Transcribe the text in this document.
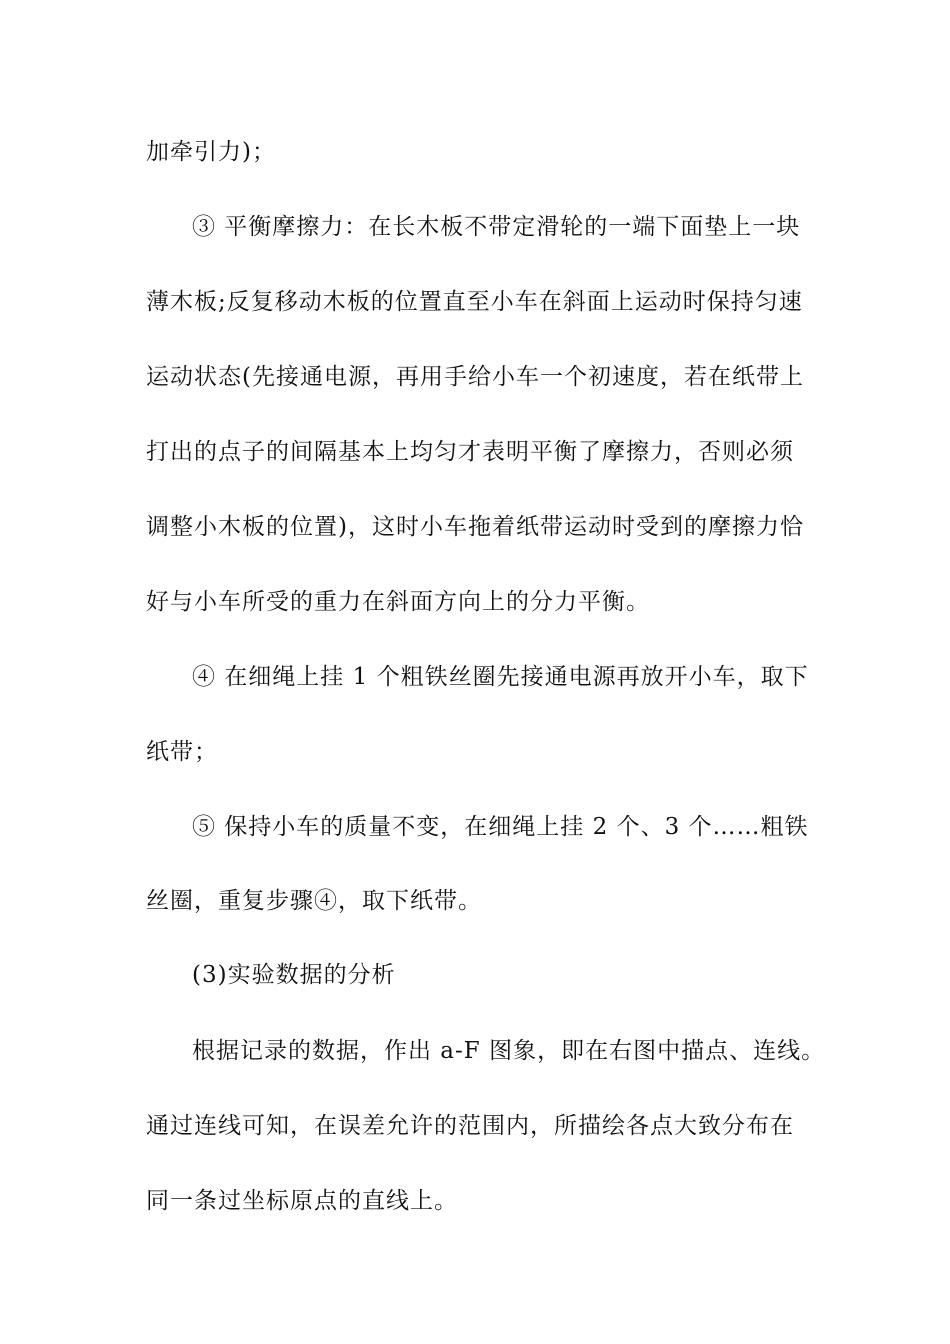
加牵引力)；
③ 平衡摩擦力：在长木板不带定滑轮的一端下面垫上一块
薄木板;反复移动木板的位置直至小车在斜面上运动时保持匀速
运动状态(先接通电源，再用手给小车一个初速度，若在纸带上
打出的点子的间隔基本上均匀才表明平衡了摩擦力，否则必须
调整小木板的位置)，这时小车拖着纸带运动时受到的摩擦力恰
好与小车所受的重力在斜面方向上的分力平衡。
④ 在细绳上挂 1 个粗铁丝圈先接通电源再放开小车，取下
纸带；
⑤ 保持小车的质量不变，在细绳上挂 2 个、3 个……粗铁
丝圈，重复步骤④，取下纸带。
(3)实验数据的分析
根据记录的数据，作出 a-F 图象，即在右图中描点、连线。
通过连线可知，在误差允许的范围内，所描绘各点大致分布在
同一条过坐标原点的直线上。
